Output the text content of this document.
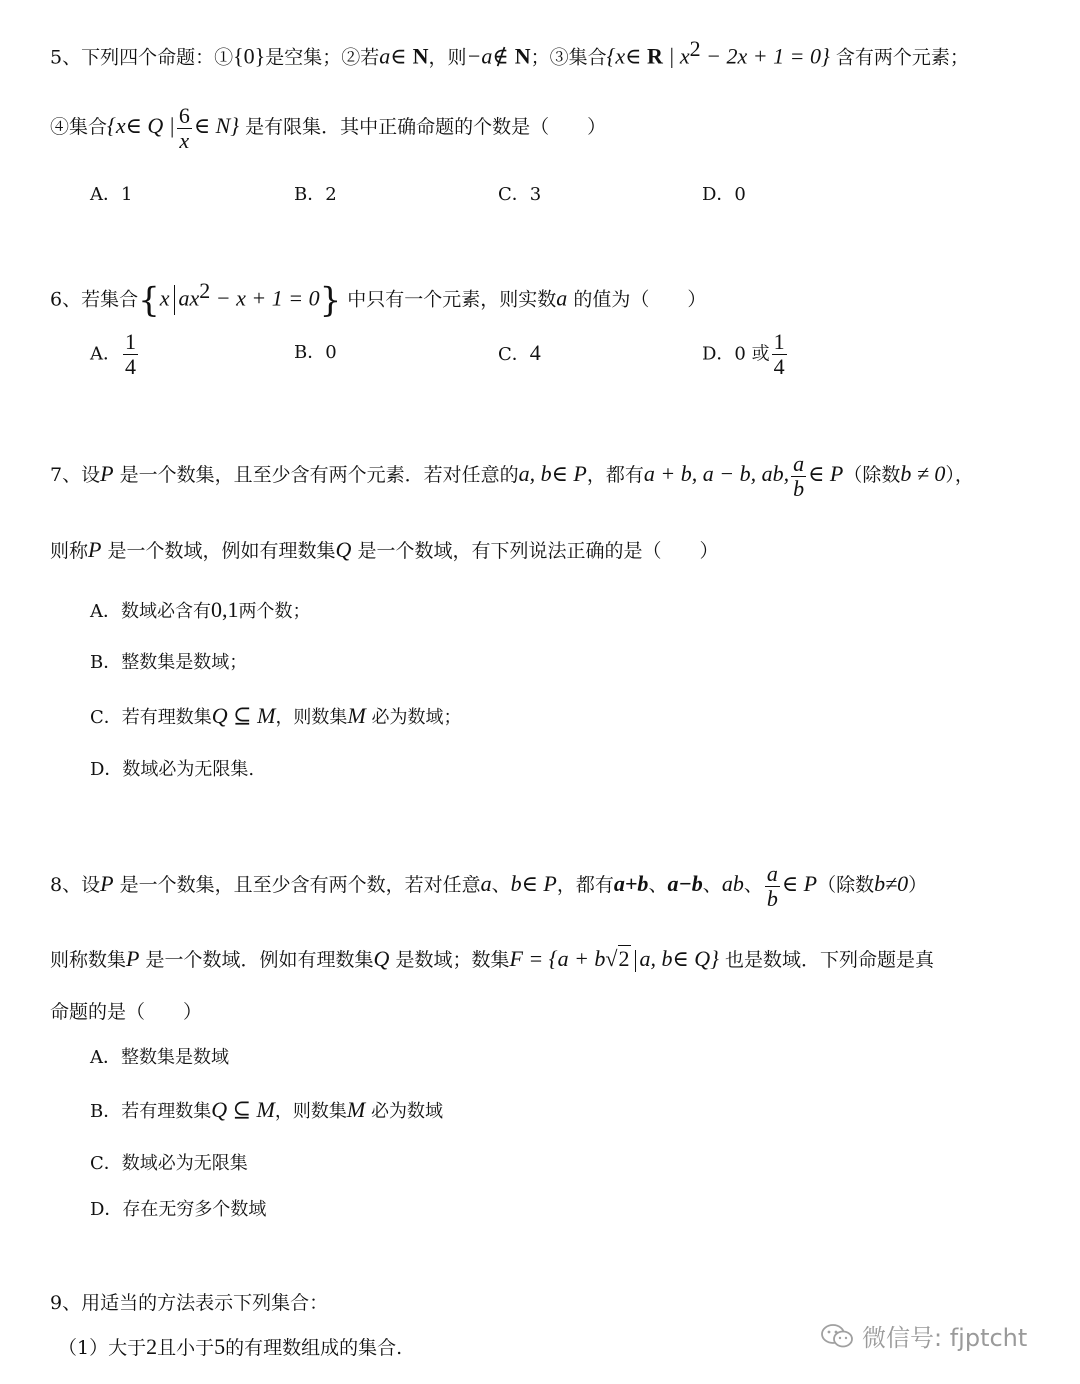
5、下列四个命题：①{0}是空集；②若a∈ N，则−a∉ N；③集合{x∈ R | $x^2 - 2x + 1 = 0$} 含有两个元素；
④集合{x∈ Q | $\frac{6}{x}$ ∈ N} 是有限集．其中正确命题的个数是（　　）
A．1	B．2	C．3	D．0
6、若集合{x $ax^2 - x + 1 = 0$} 中只有一个元素，则实数a 的值为（　　）
A． $\frac{1}{4}$	B．0	C．4	D．0 或 $\frac{1}{4}$
7、设P 是一个数集，且至少含有两个元素．若对任意的a, b∈ P，都有a + b, a − b, ab, $\frac{a}{b}$ ∈ P（除数b ≠ 0），
则称P 是一个数域，例如有理数集Q 是一个数域，有下列说法正确的是（　　）
A．数域必含有0,1两个数；
B．整数集是数域；
C．若有理数集Q ⊆ M，则数集M 必为数域；
D．数域必为无限集.
8、设P 是一个数集，且至少含有两个数，若对任意a、b∈ P，都有a+b、a−b、ab、 $\frac{a}{b}$ ∈ P（除数b≠0）
则称数集P 是一个数域．例如有理数集Q 是数域；数集F = {a + b√2 a, b∈ Q} 也是数域．下列命题是真
命题的是（　　）
A．整数集是数域
B．若有理数集Q ⊆ M，则数集M 必为数域
C．数域必为无限集
D．存在无穷多个数域
9、用适当的方法表示下列集合：
（1）大于2且小于5的有理数组成的集合.	微信号: fjptcht
